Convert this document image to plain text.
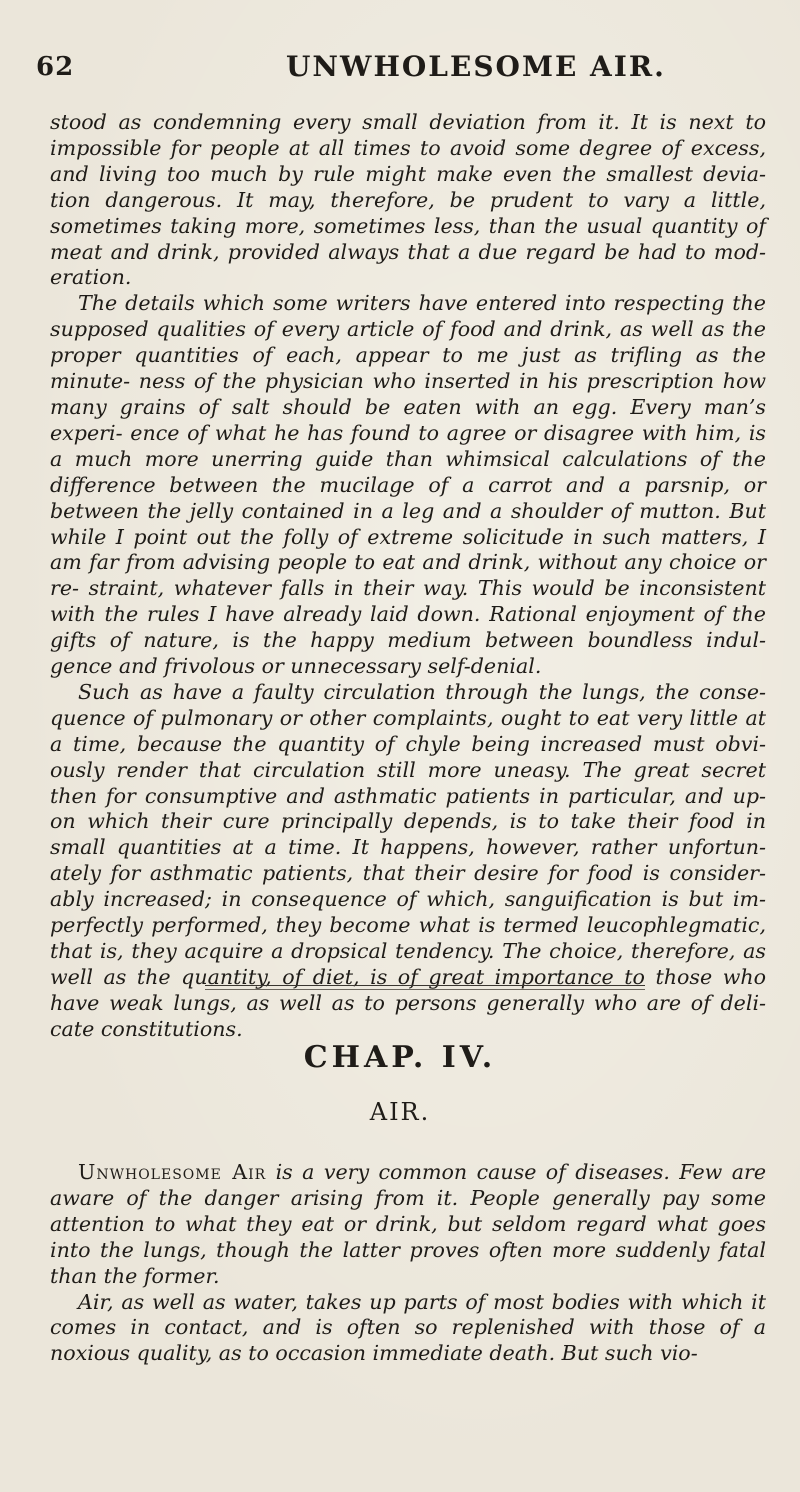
62	UNWHOLESOME AIR.

stood as condemning every small deviation from it. It is next to impossible for people at all times to avoid some degree of excess, and living too much by rule might make even the smallest devia- tion dangerous. It may, therefore, be prudent to vary a little, sometimes taking more, sometimes less, than the usual quantity of meat and drink, provided always that a due regard be had to mod- eration.

The details which some writers have entered into respecting the supposed qualities of every article of food and drink, as well as the proper quantities of each, appear to me just as trifling as the minute- ness of the physician who inserted in his prescription how many grains of salt should be eaten with an egg. Every man’s experi- ence of what he has found to agree or disagree with him, is a much more unerring guide than whimsical calculations of the difference between the mucilage of a carrot and a parsnip, or between the jelly contained in a leg and a shoulder of mutton. But while I point out the folly of extreme solicitude in such matters, I am far from advising people to eat and drink, without any choice or re- straint, whatever falls in their way. This would be inconsistent with the rules I have already laid down. Rational enjoyment of the gifts of nature, is the happy medium between boundless indul- gence and frivolous or unnecessary self-denial.

Such as have a faulty circulation through the lungs, the conse- quence of pulmonary or other complaints, ought to eat very little at a time, because the quantity of chyle being increased must obvi- ously render that circulation still more uneasy. The great secret then for consumptive and asthmatic patients in particular, and up- on which their cure principally depends, is to take their food in small quantities at a time. It happens, however, rather unfortun- ately for asthmatic patients, that their desire for food is consider- ably increased; in consequence of which, sanguification is but im- perfectly performed, they become what is termed leucophlegmatic, that is, they acquire a dropsical tendency. The choice, therefore, as well as the quantity, of diet, is of great importance to those who have weak lungs, as well as to persons generally who are of deli- cate constitutions.

CHAP. IV.
AIR.

Unwholesome Air is a very common cause of diseases. Few are aware of the danger arising from it. People generally pay some attention to what they eat or drink, but seldom regard what goes into the lungs, though the latter proves often more suddenly fatal than the former.

Air, as well as water, takes up parts of most bodies with which it comes in contact, and is often so replenished with those of a noxious quality, as to occasion immediate death. But such vio-
